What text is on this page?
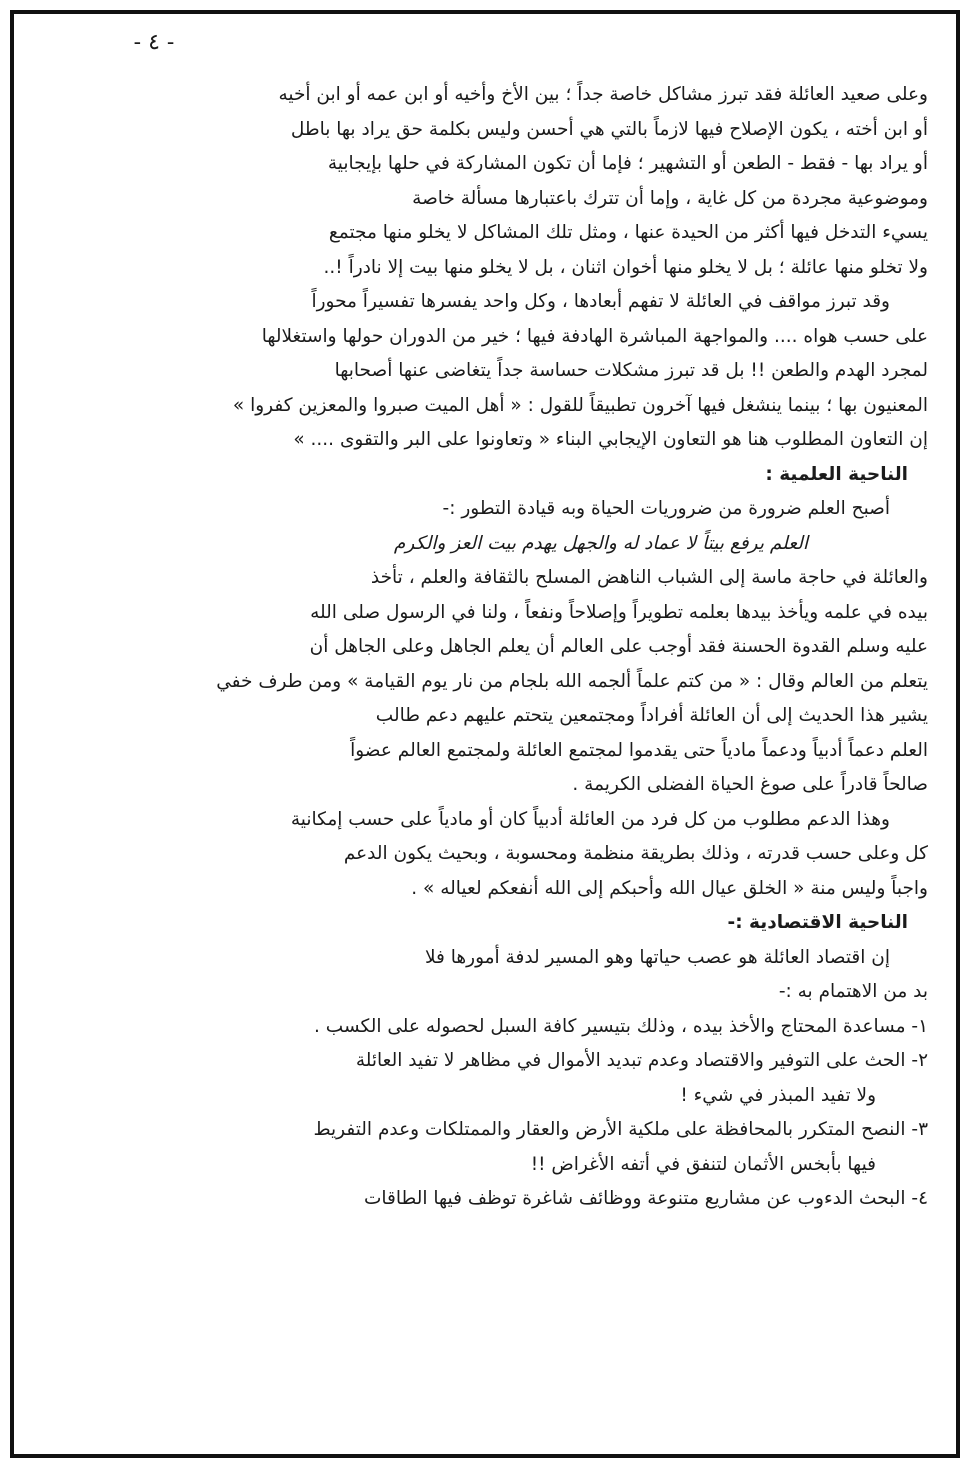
- ٤ -
وعلى صعيد العائلة فقد تبرز مشاكل خاصة جداً ؛ بين الأخ وأخيه أو ابن عمه أو ابن أخيه
أو ابن أخته ، يكون الإصلاح فيها لازماً بالتي هي أحسن وليس بكلمة حق يراد بها باطل
أو يراد بها - فقط - الطعن أو التشهير ؛ فإما أن تكون المشاركة في حلها بإيجابية
وموضوعية مجردة من كل غاية ، وإما أن تترك باعتبارها مسألة خاصة
يسيء التدخل فيها أكثر من الحيدة عنها ، ومثل تلك المشاكل لا يخلو منها مجتمع
ولا تخلو منها عائلة ؛ بل لا يخلو منها أخوان اثنان ، بل لا يخلو منها بيت إلا نادراً !..
وقد تبرز مواقف في العائلة لا تفهم أبعادها ، وكل واحد يفسرها تفسيراً محوراً
على حسب هواه .... والمواجهة المباشرة الهادفة فيها ؛ خير من الدوران حولها واستغلالها
لمجرد الهدم والطعن !! بل قد تبرز مشكلات حساسة جداً يتغاضى عنها أصحابها
المعنيون بها ؛ بينما ينشغل فيها آخرون تطبيقاً للقول : « أهل الميت صبروا والمعزين كفروا »
إن التعاون المطلوب هنا هو التعاون الإيجابي البناء « وتعاونوا على البر والتقوى .... »
الناحية العلمية :
أصبح العلم ضرورة من ضروريات الحياة وبه قيادة التطور :-
العلم يرفع بيتاً لا عماد له والجهل يهدم بيت العز والكرم
والعائلة في حاجة ماسة إلى الشباب الناهض المسلح بالثقافة والعلم ، تأخذ
بيده في علمه ويأخذ بيدها بعلمه تطويراً وإصلاحاً ونفعاً ، ولنا في الرسول صلى الله
عليه وسلم القدوة الحسنة فقد أوجب على العالم أن يعلم الجاهل وعلى الجاهل أن
يتعلم من العالم وقال : « من كتم علماً ألجمه الله بلجام من نار يوم القيامة » ومن طرف خفي
يشير هذا الحديث إلى أن العائلة أفراداً ومجتمعين يتحتم عليهم دعم طالب
العلم دعماً أدبياً ودعماً مادياً حتى يقدموا لمجتمع العائلة ولمجتمع العالم عضواً
صالحاً قادراً على صوغ الحياة الفضلى الكريمة .
وهذا الدعم مطلوب من كل فرد من العائلة أدبياً كان أو مادياً على حسب إمكانية
كل وعلى حسب قدرته ، وذلك بطريقة منظمة ومحسوبة ، وبحيث يكون الدعم
واجباً وليس منة « الخلق عيال الله وأحبكم إلى الله أنفعكم لعياله » .
الناحية الاقتصادية :-
إن اقتصاد العائلة هو عصب حياتها وهو المسير لدفة أمورها فلا
بد من الاهتمام به :-
١- مساعدة المحتاج والأخذ بيده ، وذلك بتيسير كافة السبل لحصوله على الكسب .
٢- الحث على التوفير والاقتصاد وعدم تبديد الأموال في مظاهر لا تفيد العائلة
ولا تفيد المبذر في شيء !
٣- النصح المتكرر بالمحافظة على ملكية الأرض والعقار والممتلكات وعدم التفريط
فيها بأبخس الأثمان لتنفق في أتفه الأغراض !!
٤- البحث الدءوب عن مشاريع متنوعة ووظائف شاغرة توظف فيها الطاقات
